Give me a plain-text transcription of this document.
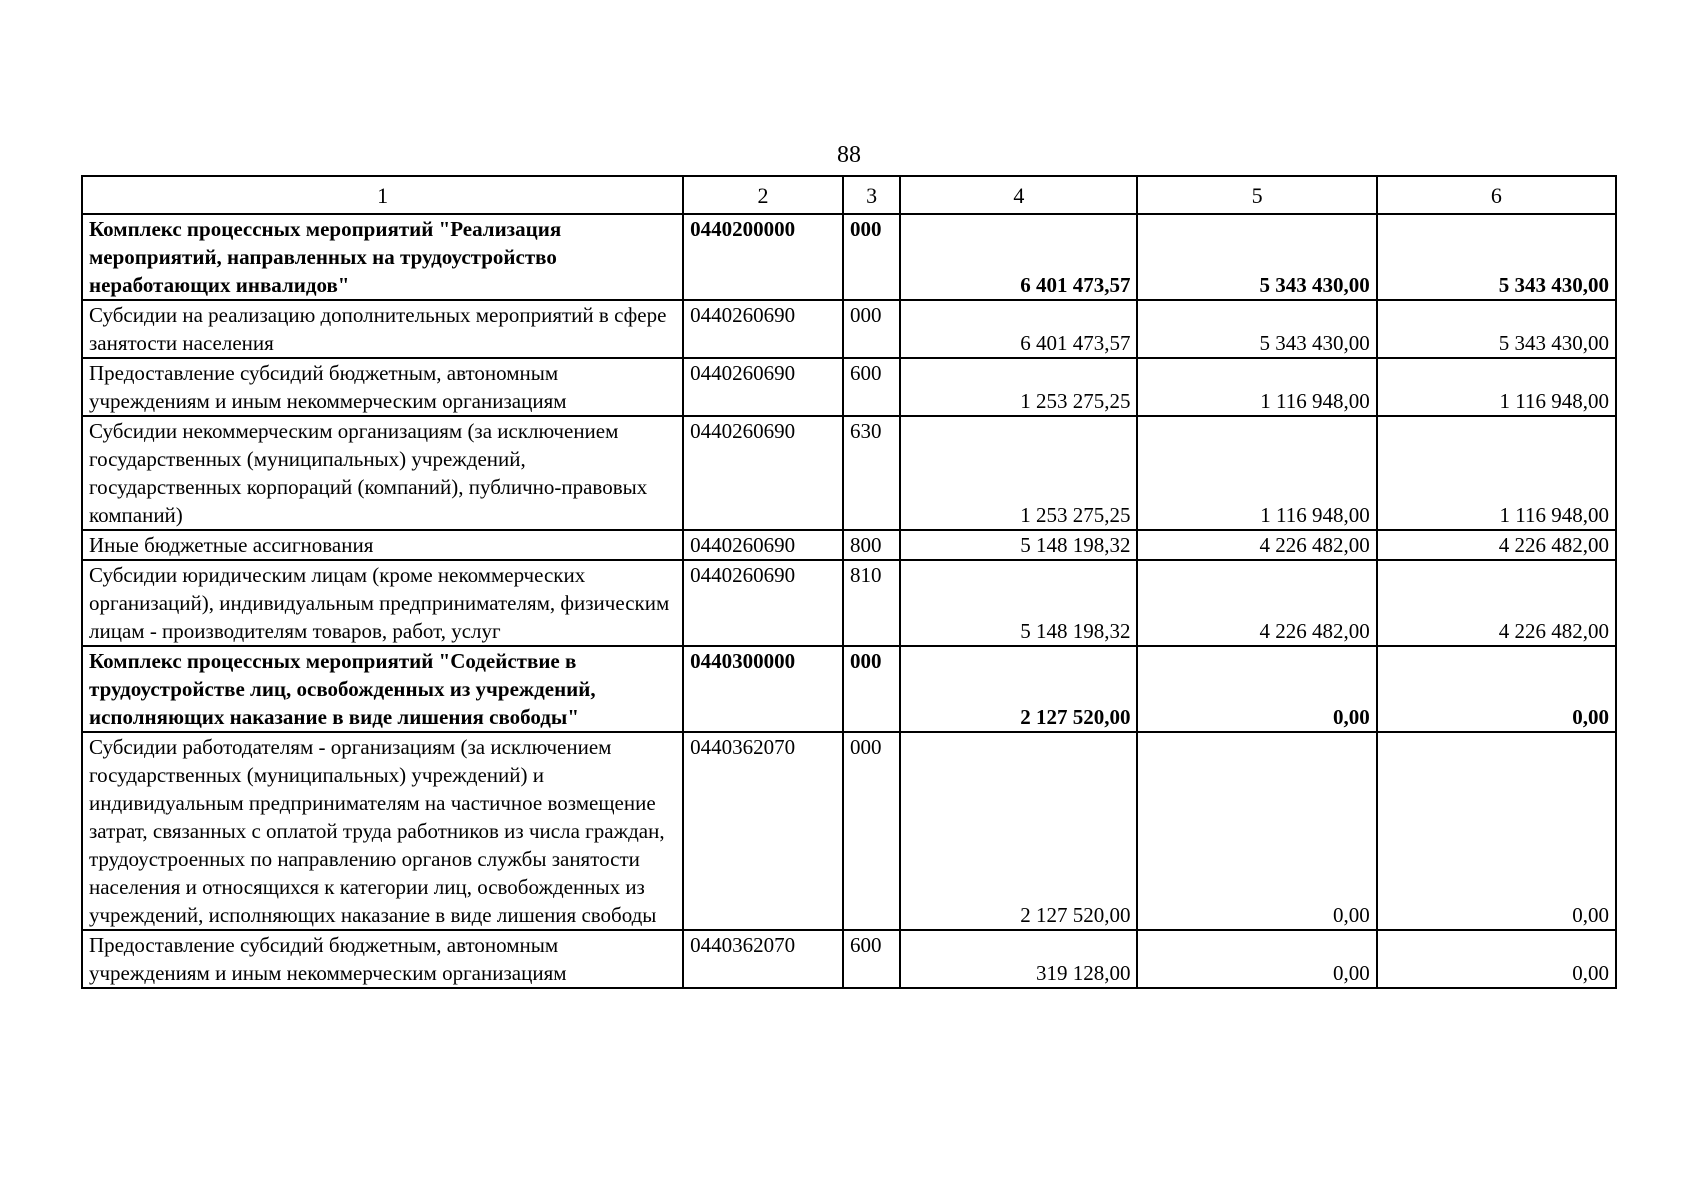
88
1	2	3	4	5	6
Комплекс процессных мероприятий "Реализация мероприятий, направленных на трудоустройство неработающих инвалидов"	0440200000	000	6 401 473,57	5 343 430,00	5 343 430,00
Субсидии на реализацию дополнительных мероприятий в сфере занятости населения	0440260690	000	6 401 473,57	5 343 430,00	5 343 430,00
Предоставление субсидий бюджетным, автономным учреждениям и иным некоммерческим организациям	0440260690	600	1 253 275,25	1 116 948,00	1 116 948,00
Субсидии некоммерческим организациям (за исключением государственных (муниципальных) учреждений, государственных корпораций (компаний), публично-правовых компаний)	0440260690	630	1 253 275,25	1 116 948,00	1 116 948,00
Иные бюджетные ассигнования	0440260690	800	5 148 198,32	4 226 482,00	4 226 482,00
Субсидии юридическим лицам (кроме некоммерческих организаций), индивидуальным предпринимателям, физическим лицам - производителям товаров, работ, услуг	0440260690	810	5 148 198,32	4 226 482,00	4 226 482,00
Комплекс процессных мероприятий "Содействие в трудоустройстве лиц, освобожденных из учреждений, исполняющих наказание в виде лишения свободы"	0440300000	000	2 127 520,00	0,00	0,00
Субсидии работодателям - организациям (за исключением государственных (муниципальных) учреждений) и индивидуальным предпринимателям на частичное возмещение затрат, связанных с оплатой труда работников из числа граждан, трудоустроенных по направлению органов службы занятости населения и относящихся к категории лиц, освобожденных из учреждений, исполняющих наказание в виде лишения свободы	0440362070	000	2 127 520,00	0,00	0,00
Предоставление субсидий бюджетным, автономным учреждениям и иным некоммерческим организациям	0440362070	600	319 128,00	0,00	0,00
